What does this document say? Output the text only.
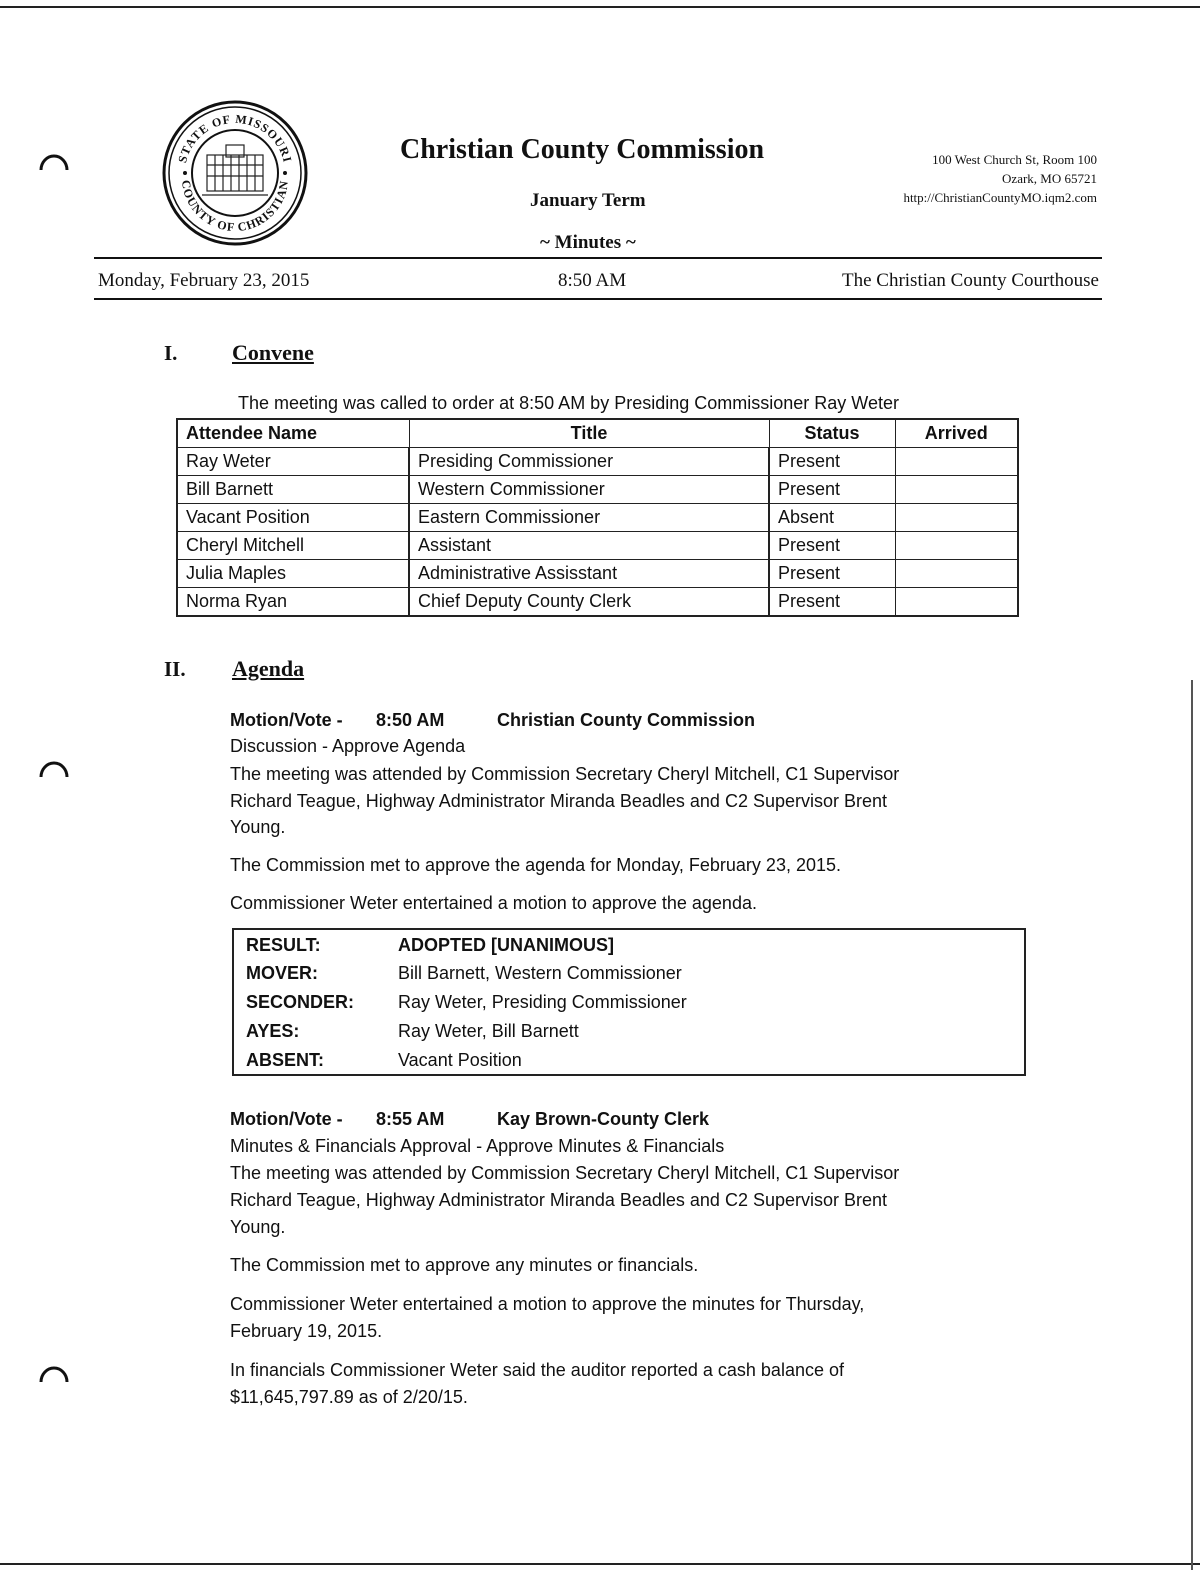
STATE OF MISSOURI
COUNTY OF CHRISTIAN
Christian County Commission
January Term
~ Minutes ~
100 West Church St, Room 100
Ozark, MO 65721
http://ChristianCountyMO.iqm2.com
Monday, February 23, 2015	8:50 AM	The Christian County Courthouse
I. Convene
The meeting was called to order at 8:50 AM by Presiding Commissioner Ray Weter
Attendee Name	Title	Status	Arrived
Ray Weter	Presiding Commissioner	Present	
Bill Barnett	Western Commissioner	Present	
Vacant Position	Eastern Commissioner	Absent	
Cheryl Mitchell	Assistant	Present	
Julia Maples	Administrative Assisstant	Present	
Norma Ryan	Chief Deputy County Clerk	Present	
II. Agenda
Motion/Vote - 8:50 AM	Christian County Commission
Discussion - Approve Agenda
The meeting was attended by Commission Secretary Cheryl Mitchell, C1 Supervisor
Richard Teague, Highway Administrator Miranda Beadles and C2 Supervisor Brent
Young.
The Commission met to approve the agenda for Monday, February 23, 2015.
Commissioner Weter entertained a motion to approve the agenda.
RESULT:	ADOPTED [UNANIMOUS]
MOVER:	Bill Barnett, Western Commissioner
SECONDER:	Ray Weter, Presiding Commissioner
AYES:	Ray Weter, Bill Barnett
ABSENT:	Vacant Position
Motion/Vote - 8:55 AM	Kay Brown-County Clerk
Minutes & Financials Approval - Approve Minutes & Financials
The meeting was attended by Commission Secretary Cheryl Mitchell, C1 Supervisor
Richard Teague, Highway Administrator Miranda Beadles and C2 Supervisor Brent
Young.
The Commission met to approve any minutes or financials.
Commissioner Weter entertained a motion to approve the minutes for Thursday,
February 19, 2015.
In financials Commissioner Weter said the auditor reported a cash balance of
$11,645,797.89 as of 2/20/15.
